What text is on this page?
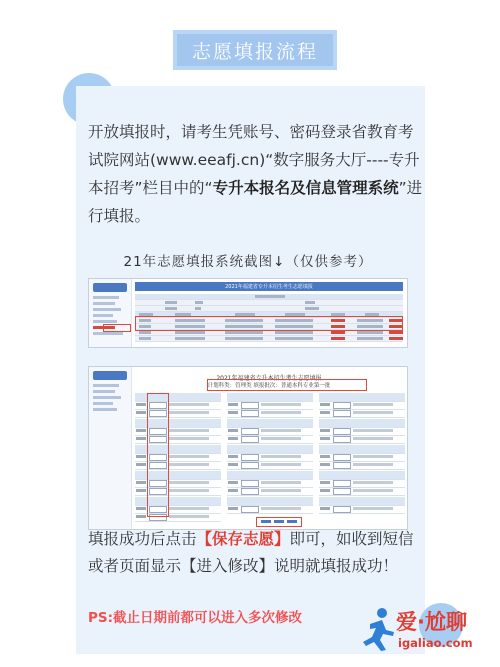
志愿填报流程
开放填报时，请考生凭账号、密码登录省教育考试院网站(www.eeafj.cn)“数字服务大厅----专升本招考”栏目中的“专升本报名及信息管理系统”进行填报。
21年志愿填报系统截图↓（仅供参考）
2021年福建省专升本招生考生志愿填报
2021年福建省专升本招生考生志愿填报
计划科类：管理类 填报批次：普通本科专业第一批
填报成功后点击【保存志愿】即可，如收到短信或者页面显示【进入修改】说明就填报成功！
PS:截止日期前都可以进入多次修改	爱·尬聊
igaliao.com
